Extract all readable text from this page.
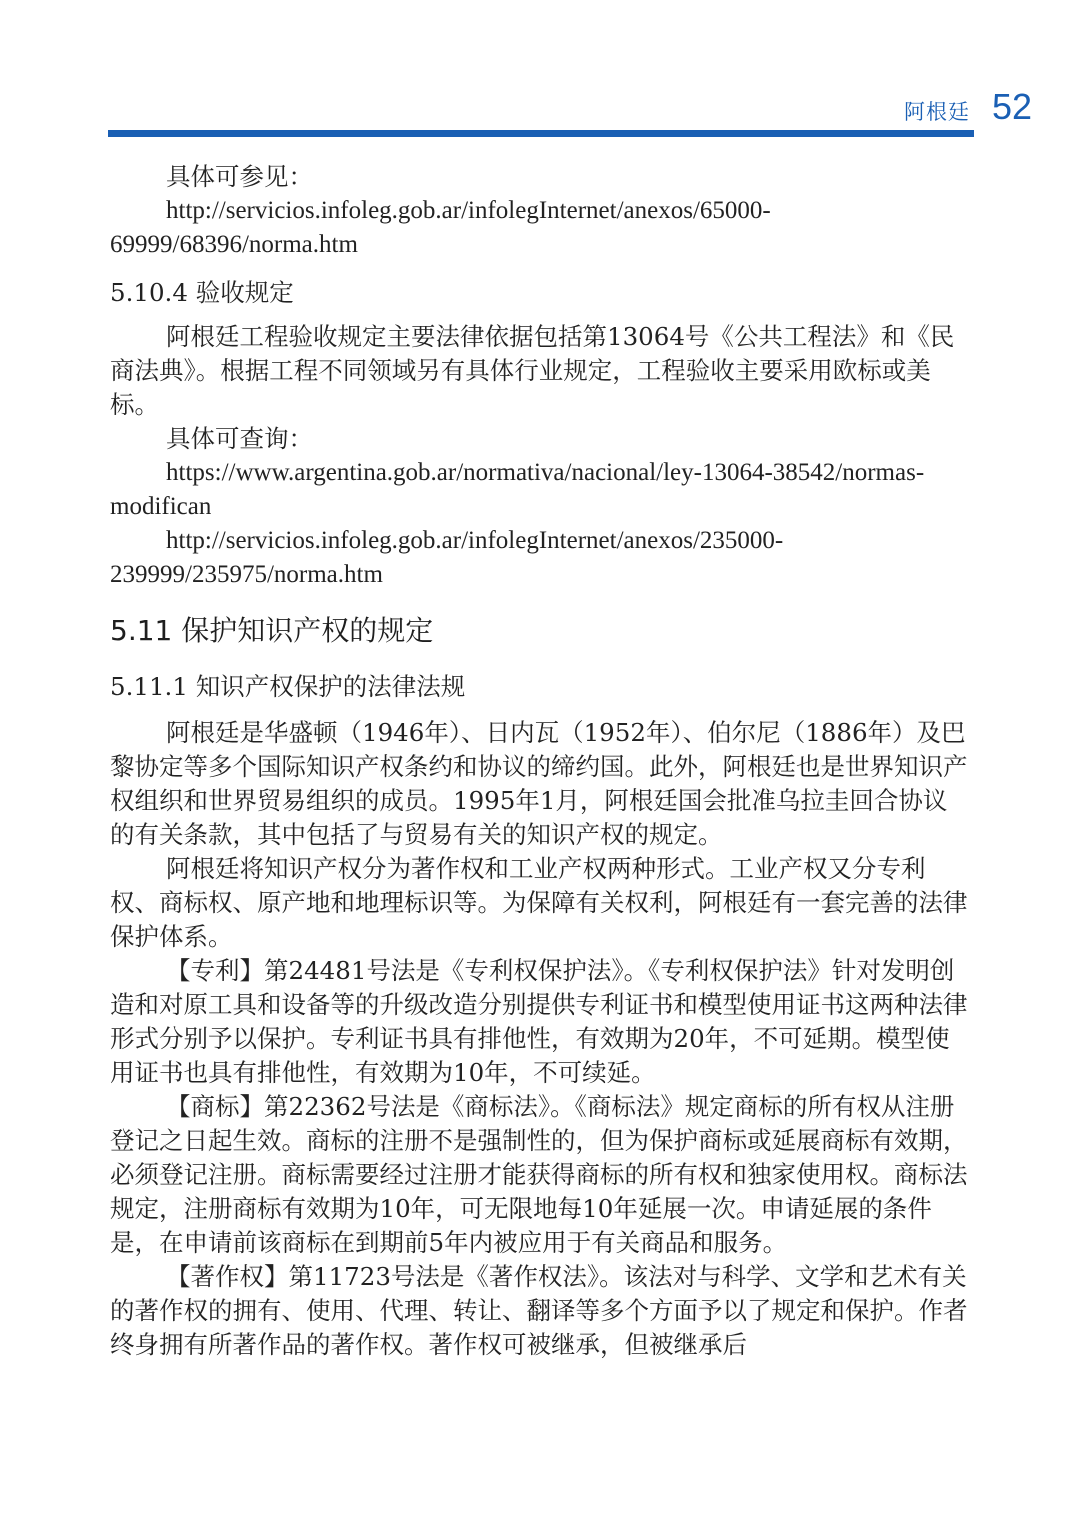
阿根廷 52

具体可参见：

http://servicios.infoleg.gob.ar/infolegInternet/anexos/65000-69999/68396/norma.htm

5.10.4 验收规定

阿根廷工程验收规定主要法律依据包括第13064号《公共工程法》和《民商法典》。根据工程不同领域另有具体行业规定，工程验收主要采用欧标或美标。

具体可查询：

https://www.argentina.gob.ar/normativa/nacional/ley-13064-38542/normas-modifican

http://servicios.infoleg.gob.ar/infolegInternet/anexos/235000-239999/235975/norma.htm

5.11 保护知识产权的规定

5.11.1 知识产权保护的法律法规

阿根廷是华盛顿（1946年）、日内瓦（1952年）、伯尔尼（1886年）及巴黎协定等多个国际知识产权条约和协议的缔约国。此外，阿根廷也是世界知识产权组织和世界贸易组织的成员。1995年1月，阿根廷国会批准乌拉圭回合协议的有关条款，其中包括了与贸易有关的知识产权的规定。

阿根廷将知识产权分为著作权和工业产权两种形式。工业产权又分专利权、商标权、原产地和地理标识等。为保障有关权利，阿根廷有一套完善的法律保护体系。

【专利】第24481号法是《专利权保护法》。《专利权保护法》针对发明创造和对原工具和设备等的升级改造分别提供专利证书和模型使用证书这两种法律形式分别予以保护。专利证书具有排他性，有效期为20年，不可延期。模型使用证书也具有排他性，有效期为10年，不可续延。

【商标】第22362号法是《商标法》。《商标法》规定商标的所有权从注册登记之日起生效。商标的注册不是强制性的，但为保护商标或延展商标有效期，必须登记注册。商标需要经过注册才能获得商标的所有权和独家使用权。商标法规定，注册商标有效期为10年，可无限地每10年延展一次。申请延展的条件是，在申请前该商标在到期前5年内被应用于有关商品和服务。

【著作权】第11723号法是《著作权法》。该法对与科学、文学和艺术有关的著作权的拥有、使用、代理、转让、翻译等多个方面予以了规定和保护。作者终身拥有所著作品的著作权。著作权可被继承，但被继承后
